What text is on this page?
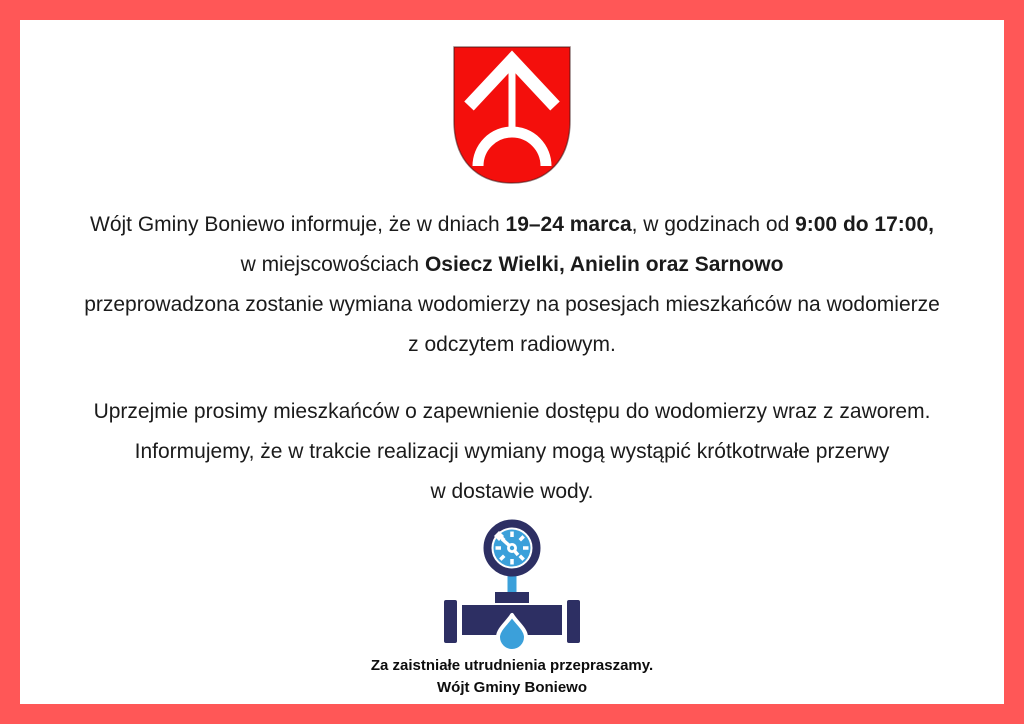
Wójt Gminy Boniewo informuje, że w dniach 19–24 marca, w godzinach od 9:00 do 17:00,

w miejscowościach Osiecz Wielki, Anielin oraz Sarnowo

przeprowadzona zostanie wymiana wodomierzy na posesjach mieszkańców na wodomierze

z odczytem radiowym.

Uprzejmie prosimy mieszkańców o zapewnienie dostępu do wodomierzy wraz z zaworem.

Informujemy, że w trakcie realizacji wymiany mogą wystąpić krótkotrwałe przerwy

w dostawie wody.

Za zaistniałe utrudnienia przepraszamy.

Wójt Gminy Boniewo
